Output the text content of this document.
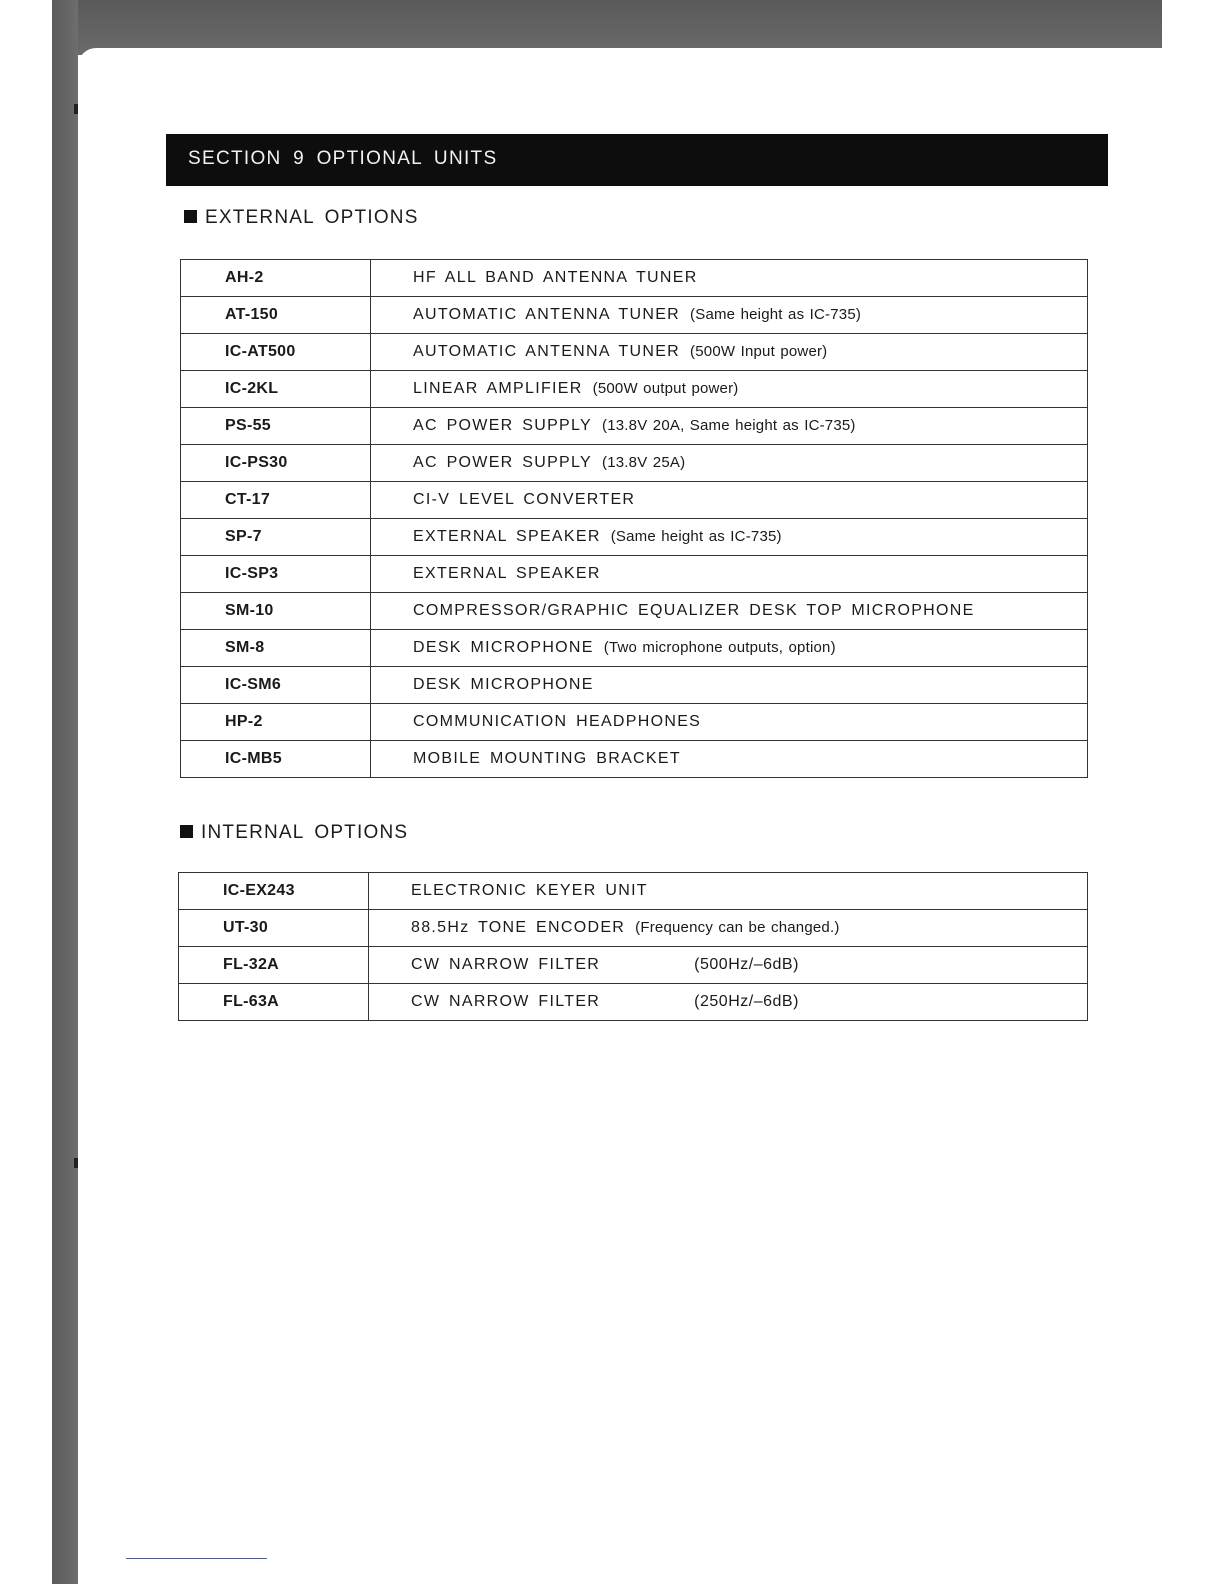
SECTION 9 OPTIONAL UNITS
EXTERNAL OPTIONS
AH-2	HF ALL BAND ANTENNA TUNER
AT-150	AUTOMATIC ANTENNA TUNER (Same height as IC-735)
IC-AT500	AUTOMATIC ANTENNA TUNER (500W Input power)
IC-2KL	LINEAR AMPLIFIER (500W output power)
PS-55	AC POWER SUPPLY (13.8V 20A, Same height as IC-735)
IC-PS30	AC POWER SUPPLY (13.8V 25A)
CT-17	CI-V LEVEL CONVERTER
SP-7	EXTERNAL SPEAKER (Same height as IC-735)
IC-SP3	EXTERNAL SPEAKER
SM-10	COMPRESSOR/GRAPHIC EQUALIZER DESK TOP MICROPHONE
SM-8	DESK MICROPHONE (Two microphone outputs, option)
IC-SM6	DESK MICROPHONE
HP-2	COMMUNICATION HEADPHONES
IC-MB5	MOBILE MOUNTING BRACKET
INTERNAL OPTIONS
IC-EX243	ELECTRONIC KEYER UNIT
UT-30	88.5Hz TONE ENCODER (Frequency can be changed.)
FL-32A	CW NARROW FILTER (500Hz/–6dB)
FL-63A	CW NARROW FILTER (250Hz/–6dB)
